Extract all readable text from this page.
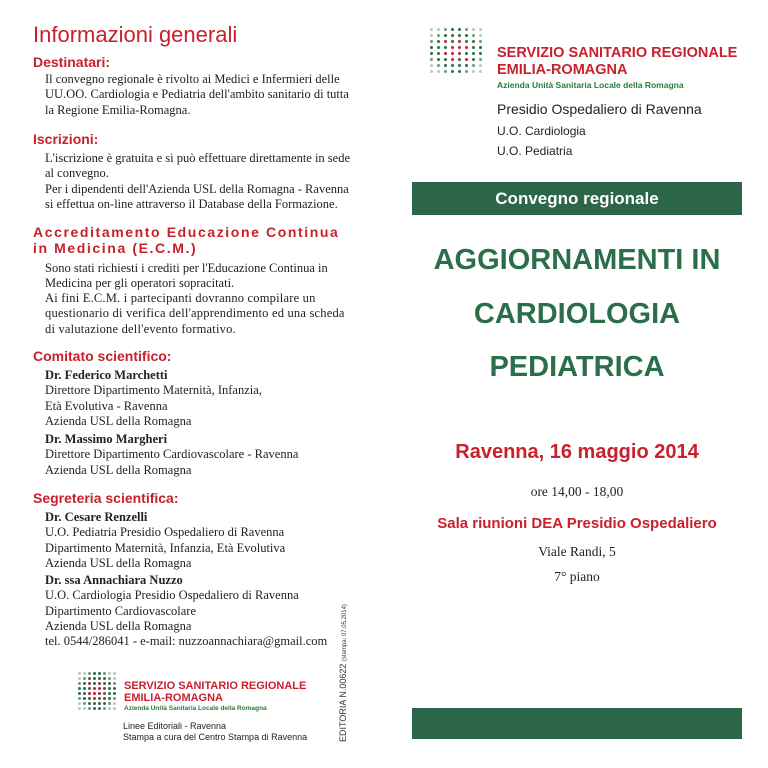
Informazioni generali
Destinatari:
Il convegno regionale è rivolto ai Medici e Infermieri delle UU.OO. Cardiologia e Pediatria dell'ambito sanitario di tutta la Regione Emilia-Romagna.
Iscrizioni:
L'iscrizione è gratuita e si può effettuare direttamente in sede al convegno.
Per i dipendenti dell'Azienda USL della Romagna - Ravenna si effettua on-line attraverso il Database della Formazione.
Accreditamento Educazione Continua in Medicina (E.C.M.)
Sono stati richiesti i crediti per l'Educazione Continua in Medicina per gli operatori sopracitati.
Ai fini E.C.M. i partecipanti dovranno compilare un questionario di verifica dell'apprendimento ed una scheda di valutazione dell'evento formativo.
Comitato scientifico:
Dr. Federico Marchetti
Direttore Dipartimento Maternità, Infanzia,
Età Evolutiva - Ravenna
Azienda USL della Romagna
Dr. Massimo Margheri
Direttore Dipartimento Cardiovascolare - Ravenna
Azienda USL della Romagna
Segreteria scientifica:
Dr. Cesare Renzelli
U.O. Pediatria Presidio Ospedaliero di Ravenna
Dipartimento Maternità, Infanzia, Età Evolutiva
Azienda USL della Romagna
Dr. ssa Annachiara Nuzzo
U.O. Cardiologia Presidio Ospedaliero di Ravenna
Dipartimento Cardiovascolare
Azienda USL della Romagna
tel. 0544/286041 - e-mail: nuzzoannachiara@gmail.com
EDITORIA N.00622 (stampa: 07.05.2014)
SERVIZIO SANITARIO REGIONALE
EMILIA-ROMAGNA
Azienda Unità Sanitaria Locale della Romagna
Linee Editoriali - Ravenna
Stampa a cura del Centro Stampa di Ravenna
SERVIZIO SANITARIO REGIONALE
EMILIA-ROMAGNA
Azienda Unità Sanitaria Locale della Romagna
Presidio Ospedaliero di Ravenna
U.O. Cardiologia
U.O. Pediatria
Convegno regionale
AGGIORNAMENTI IN
CARDIOLOGIA
PEDIATRICA
Ravenna, 16 maggio 2014
ore 14,00 - 18,00
Sala riunioni DEA Presidio Ospedaliero
Viale Randi, 5
7° piano
